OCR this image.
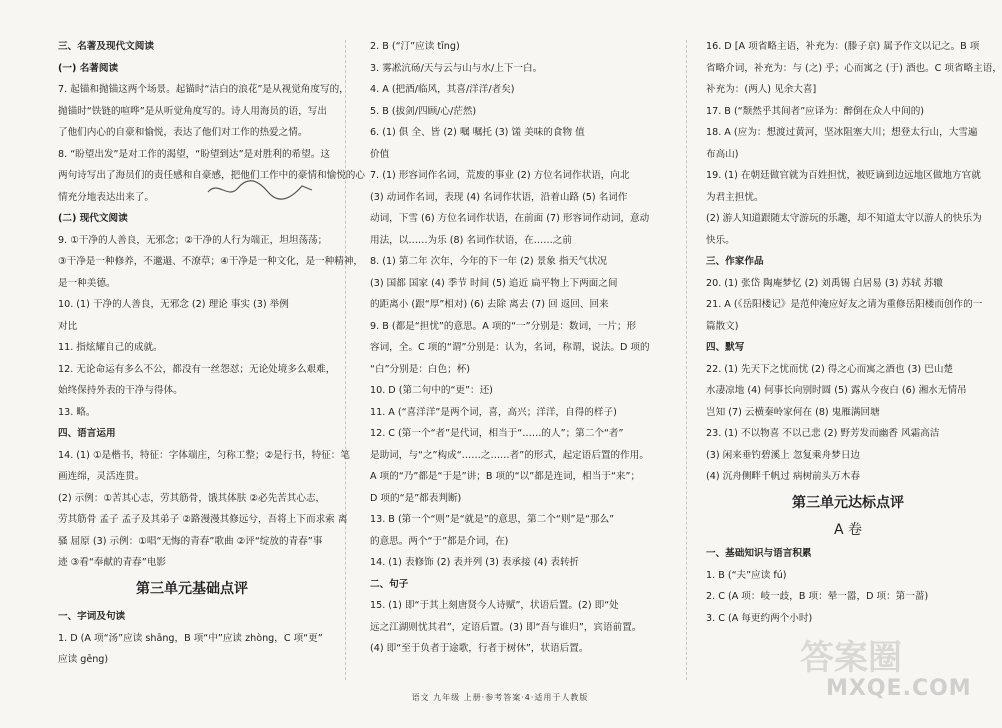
三、名著及现代文阅读
(一) 名著阅读
7. 起锚和抛锚这两个场景。起锚时“洁白的浪花”是从视觉角度写的，
抛锚时“铁链的喧哗”是从听觉角度写的。诗人用海员的语，写出
了他们内心的自豪和愉悦，表达了他们对工作的热爱之情。
8. “盼望出发”是对工作的渴望，“盼望到达”是对胜利的希望。这
两句诗写出了海员们的责任感和自豪感，把他们工作中的豪情和愉悦的心
情充分地表达出来了。
(二) 现代文阅读
9. ①干净的人善良，无邪念；②干净的人行为端正，坦坦荡荡；
③干净是一种修养，不邋遢、不潦草；④干净是一种文化，是一种精神，
是一种美德。
10. (1) 干净的人善良，无邪念 (2) 理论 事实 (3) 举例
对比
11. 指炫耀自己的成就。
12. 无论命运有多么不公，都没有一丝怨怼；无论处境多么艰难，
始终保持外表的干净与得体。
13. 略。
四、语言运用
14. (1) ①是楷书，特征：字体端庄，匀称工整；②是行书，特征：笔
画连绵，灵活连贯。
(2) 示例：①苦其心志，劳其筋骨，饿其体肤 ②必先苦其心志，
劳其筋骨 孟子 孟子及其弟子 ②路漫漫其修远兮，吾将上下而求索 离
骚 屈原 (3) 示例：①唱“无悔的青春”歌曲 ②评“绽放的青春”事
迹 ③看“奉献的青春”电影
第三单元基础点评
一、字词及句读
1. D (A 项“汤”应读 shāng，B 项“中”应读 zhòng，C 项“更”
应读 gēng)
2. B (“汀”应读 tīng)
3. 雾凇沆砀/天与云与山与水/上下一白。
4. A (把酒/临风，其喜/洋洋/者矣)
5. B (拔剑/四顾/心/茫然)
6. (1) 俱 全、皆 (2) 嘱 嘱托 (3) 馐 美味的食物 值
价值
7. (1) 形容词作名词，荒废的事业 (2) 方位名词作状语，向北
(3) 动词作名词，表现 (4) 名词作状语，沿着山路 (5) 名词作
动词，下雪 (6) 方位名词作状语，在前面 (7) 形容词作动词，意动
用法，以……为乐 (8) 名词作状语，在……之前
8. (1) 第二年 次年，今年的下一年 (2) 景象 指天气状况
(3) 国都 国家 (4) 季节 时间 (5) 追近 扁平物上下两面之间
的距离小 (跟“厚”相对) (6) 去除 离去 (7) 回 返回、回来
9. B (都是“担忧”的意思。A 项的“一”分别是：数词，一片；形
容词，全。C 项的“谓”分别是：认为，名词，称谓，说法。D 项的
“白”分别是：白色；杯)
10. D (第二句中的“更”：还)
11. A (“喜洋洋”是两个词，喜，高兴；洋洋，自得的样子)
12. C (第一个“者”是代词，相当于“……的人”；第二个“者”
是助词，与“之”构成“……之……者”的形式，起定语后置的作用。
A 项的“乃”都是“于是”讲；B 项的“以”都是连词，相当于“来”；
D 项的“是”都表判断)
13. B (第一个“则”是“就是”的意思，第二个“则”是“那么”
的意思。两个“于”都是介词，在)
14. (1) 表修饰 (2) 表并列 (3) 表承接 (4) 表转折
二、句子
15. (1) 即“于其上刻唐贤今人诗赋”，状语后置。(2) 即“处
远之江湖则忧其君”，定语后置。(3) 即“吾与谁归”，宾语前置。
(4) 即“至于负者于途歌，行者于树休”，状语后置。
16. D [A 项省略主语，补充为：(滕子京) 属予作文以记之。B 项
省略介词，补充为：与 (之) 乎；心而寓之 (于) 酒也。C 项省略主语，
补充为：(两人) 见余大喜]
17. B (“颓然乎其间者”应译为：醉倒在众人中间的)
18. A (应为：想渡过黄河，坚冰阻塞大川；想登太行山，大雪遍
布高山)
19. (1) 在朝廷做官就为百姓担忧，被贬谪到边远地区做地方官就
为君主担忧。
(2) 游人知道跟随太守游玩的乐趣，却不知道太守以游人的快乐为
快乐。
三、作家作品
20. (1) 张岱 陶庵梦忆 (2) 刘禹锡 白居易 (3) 苏轼 苏辙
21. A (《岳阳楼记》是范仲淹应好友之请为重修岳阳楼而创作的一
篇散文)
四、默写
22. (1) 先天下之忧而忧 (2) 得之心而寓之酒也 (3) 巴山楚
水凄凉地 (4) 何事长向别时圆 (5) 露从今夜白 (6) 湘水无情吊
岂知 (7) 云横秦岭家何在 (8) 鬼雁满回塘
23. (1) 不以物喜 不以己悲 (2) 野芳发而幽香 风霜高洁
(3) 闲来垂钓碧溪上 忽复乘舟梦日边
(4) 沉舟侧畔千帆过 病树前头万木春
第三单元达标点评
A 卷
一、基础知识与语言积累
1. B (“夫”应读 fú)
2. C (A 项：岐一歧，B 项：晕一嚣，D 项：第一蔷)
3. C (A 每更约两个小时)
语文 九年级 上册·参考答案·4·适用于人教版
答案圈
MXQE.COM
